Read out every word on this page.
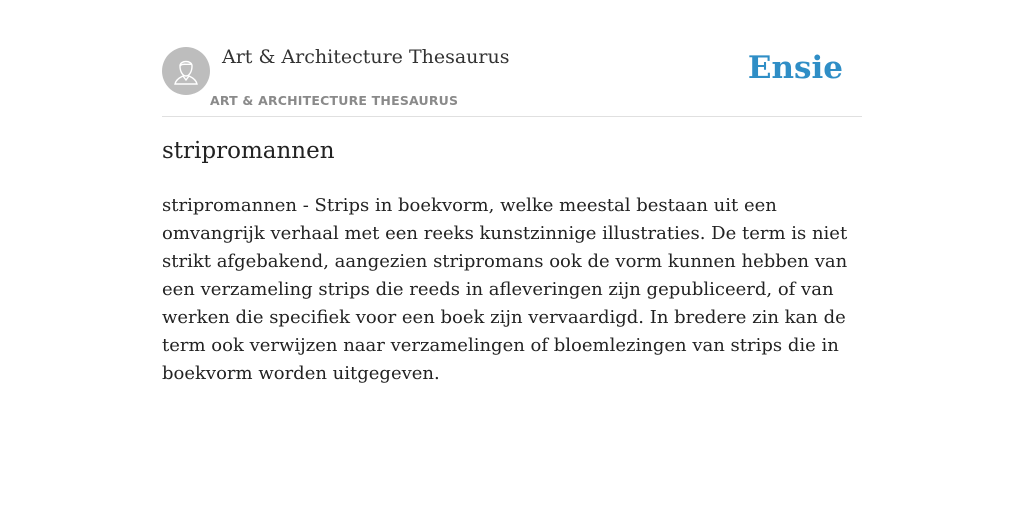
Art & Architecture Thesaurus
ART & ARCHITECTURE THESAURUS
Ensie
stripromannen

stripromannen - Strips in boekvorm, welke meestal bestaan uit een omvangrijk verhaal met een reeks kunstzinnige illustraties. De term is niet strikt afgebakend, aangezien stripromans ook de vorm kunnen hebben van een verzameling strips die reeds in afleveringen zijn gepubliceerd, of van werken die specifiek voor een boek zijn vervaardigd. In bredere zin kan de term ook verwijzen naar verzamelingen of bloemlezingen van strips die in boekvorm worden uitgegeven.
